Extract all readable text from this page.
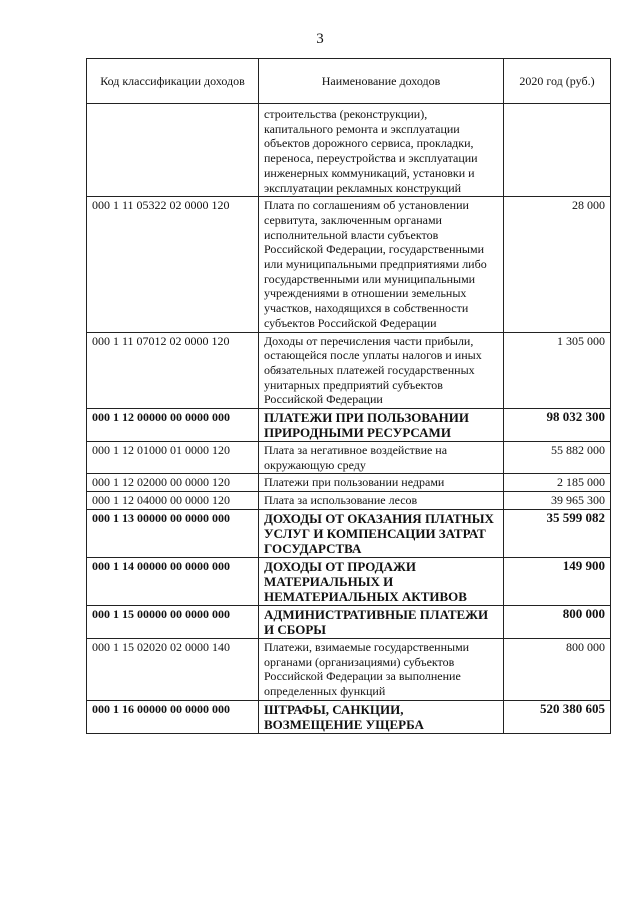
3
Код классификации доходов	Наименование доходов	2020 год (руб.)
	строительства (реконструкции), капитального ремонта и эксплуатации объектов дорожного сервиса, прокладки, переноса, переустройства и эксплуатации инженерных коммуникаций, установки и эксплуатации рекламных конструкций	
000 1 11 05322 02 0000 120	Плата по соглашениям об установлении сервитута, заключенным органами исполнительной власти субъектов Российской Федерации, государственными или муниципальными предприятиями либо государственными или муниципальными учреждениями в отношении земельных участков, находящихся в собственности субъектов Российской Федерации	28 000
000 1 11 07012 02 0000 120	Доходы от перечисления части прибыли, остающейся после уплаты налогов и иных обязательных платежей государственных унитарных предприятий субъектов Российской Федерации	1 305 000
000 1 12 00000 00 0000 000	ПЛАТЕЖИ ПРИ ПОЛЬЗОВАНИИ ПРИРОДНЫМИ РЕСУРСАМИ	98 032 300
000 1 12 01000 01 0000 120	Плата за негативное воздействие на окружающую среду	55 882 000
000 1 12 02000 00 0000 120	Платежи при пользовании недрами	2 185 000
000 1 12 04000 00 0000 120	Плата за использование лесов	39 965 300
000 1 13 00000 00 0000 000	ДОХОДЫ ОТ ОКАЗАНИЯ ПЛАТНЫХ УСЛУГ И КОМПЕНСАЦИИ ЗАТРАТ ГОСУДАРСТВА	35 599 082
000 1 14 00000 00 0000 000	ДОХОДЫ ОТ ПРОДАЖИ МАТЕРИАЛЬНЫХ И НЕМАТЕРИАЛЬНЫХ АКТИВОВ	149 900
000 1 15 00000 00 0000 000	АДМИНИСТРАТИВНЫЕ ПЛАТЕЖИ И СБОРЫ	800 000
000 1 15 02020 02 0000 140	Платежи, взимаемые государственными органами (организациями) субъектов Российской Федерации за выполнение определенных функций	800 000
000 1 16 00000 00 0000 000	ШТРАФЫ, САНКЦИИ, ВОЗМЕЩЕНИЕ УЩЕРБА	520 380 605
